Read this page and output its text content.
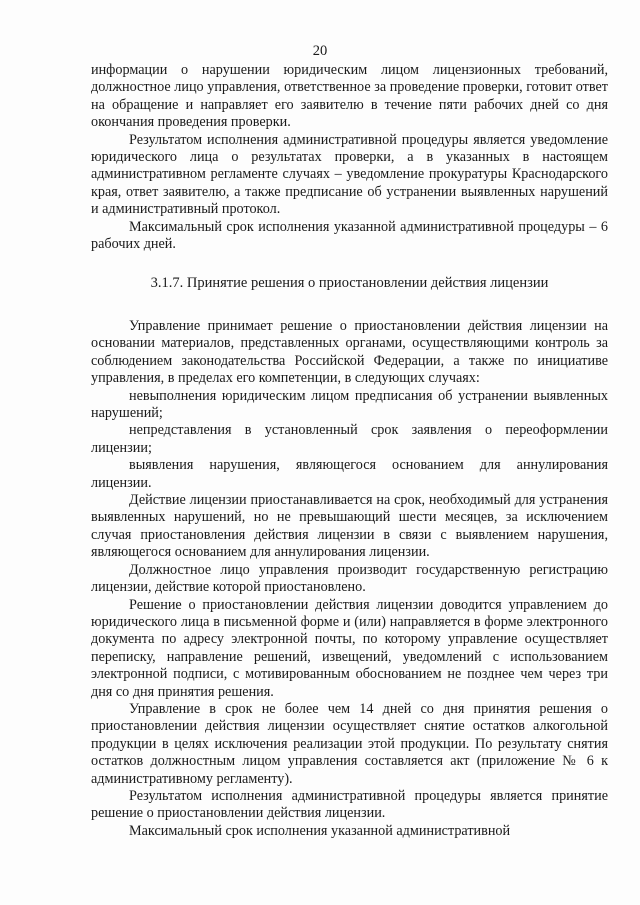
20

информации о нарушении юридическим лицом лицензионных требований, должностное лицо управления, ответственное за проведение проверки, готовит ответ на обращение и направляет его заявителю в течение пяти рабочих дней со дня окончания проведения проверки.

Результатом исполнения административной процедуры является уведомление юридического лица о результатах проверки, а в указанных в настоящем административном регламенте случаях – уведомление прокуратуры Краснодарского края, ответ заявителю, а также предписание об устранении выявленных нарушений и административный протокол.

Максимальный срок исполнения указанной административной процедуры – 6 рабочих дней.

3.1.7. Принятие решения о приостановлении действия лицензии

Управление принимает решение о приостановлении действия лицензии на основании материалов, представленных органами, осуществляющими контроль за соблюдением законодательства Российской Федерации, а также по инициативе управления, в пределах его компетенции, в следующих случаях:

невыполнения юридическим лицом предписания об устранении выявленных нарушений;

непредставления в установленный срок заявления о переоформлении лицензии;

выявления нарушения, являющегося основанием для аннулирования лицензии.

Действие лицензии приостанавливается на срок, необходимый для устранения выявленных нарушений, но не превышающий шести месяцев, за исключением случая приостановления действия лицензии в связи с выявлением нарушения, являющегося основанием для аннулирования лицензии.

Должностное лицо управления производит государственную регистрацию лицензии, действие которой приостановлено.

Решение о приостановлении действия лицензии доводится управлением до юридического лица в письменной форме и (или) направляется в форме электронного документа по адресу электронной почты, по которому управление осуществляет переписку, направление решений, извещений, уведомлений с использованием электронной подписи, с мотивированным обоснованием не позднее чем через три дня со дня принятия решения.

Управление в срок не более чем 14 дней со дня принятия решения о приостановлении действия лицензии осуществляет снятие остатков алкогольной продукции в целях исключения реализации этой продукции. По результату снятия остатков должностным лицом управления составляется акт (приложение № 6 к административному регламенту).

Результатом исполнения административной процедуры является принятие решение о приостановлении действия лицензии.

Максимальный срок исполнения указанной административной
